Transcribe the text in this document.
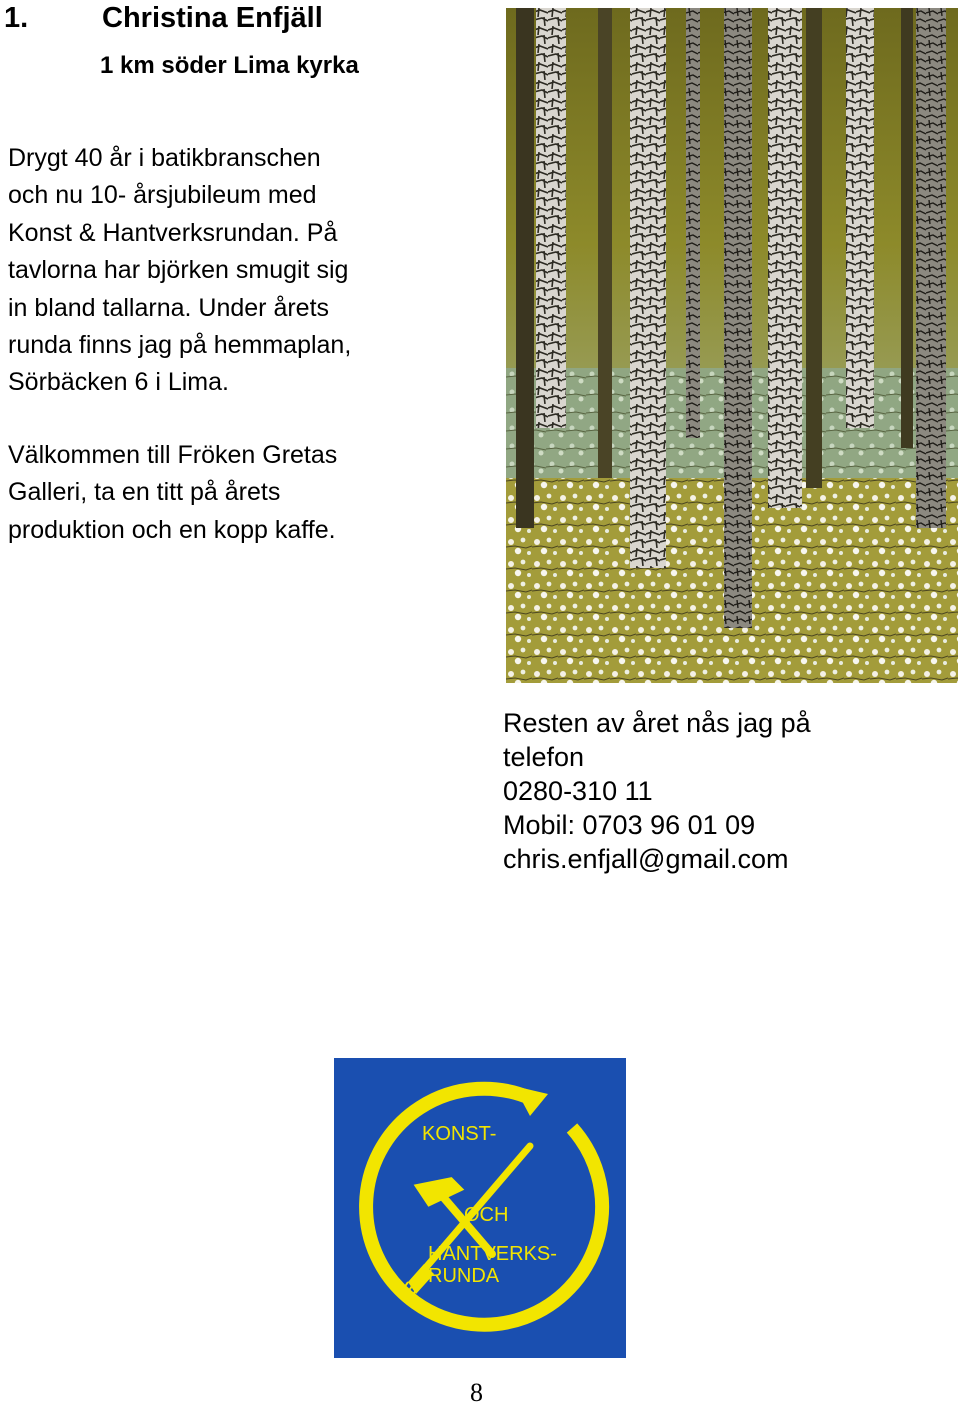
1.	Christina Enfjäll
1 km söder Lima kyrka

Drygt 40 år i batikbranschen
och nu 10- årsjubileum med
Konst & Hantverksrundan. På
tavlorna har björken smugit sig
in bland tallarna. Under årets
runda finns jag på hemmaplan,
Sörbäcken 6 i Lima.

Välkommen till Fröken Gretas
Galleri, ta en titt på årets
produktion och en kopp kaffe.

Resten av året nås jag på
telefon
0280-310 11
Mobil: 0703 96 01 09
chris.enfjall@gmail.com
KONST-
OCH
HANTVERKS-
RUNDA
8
